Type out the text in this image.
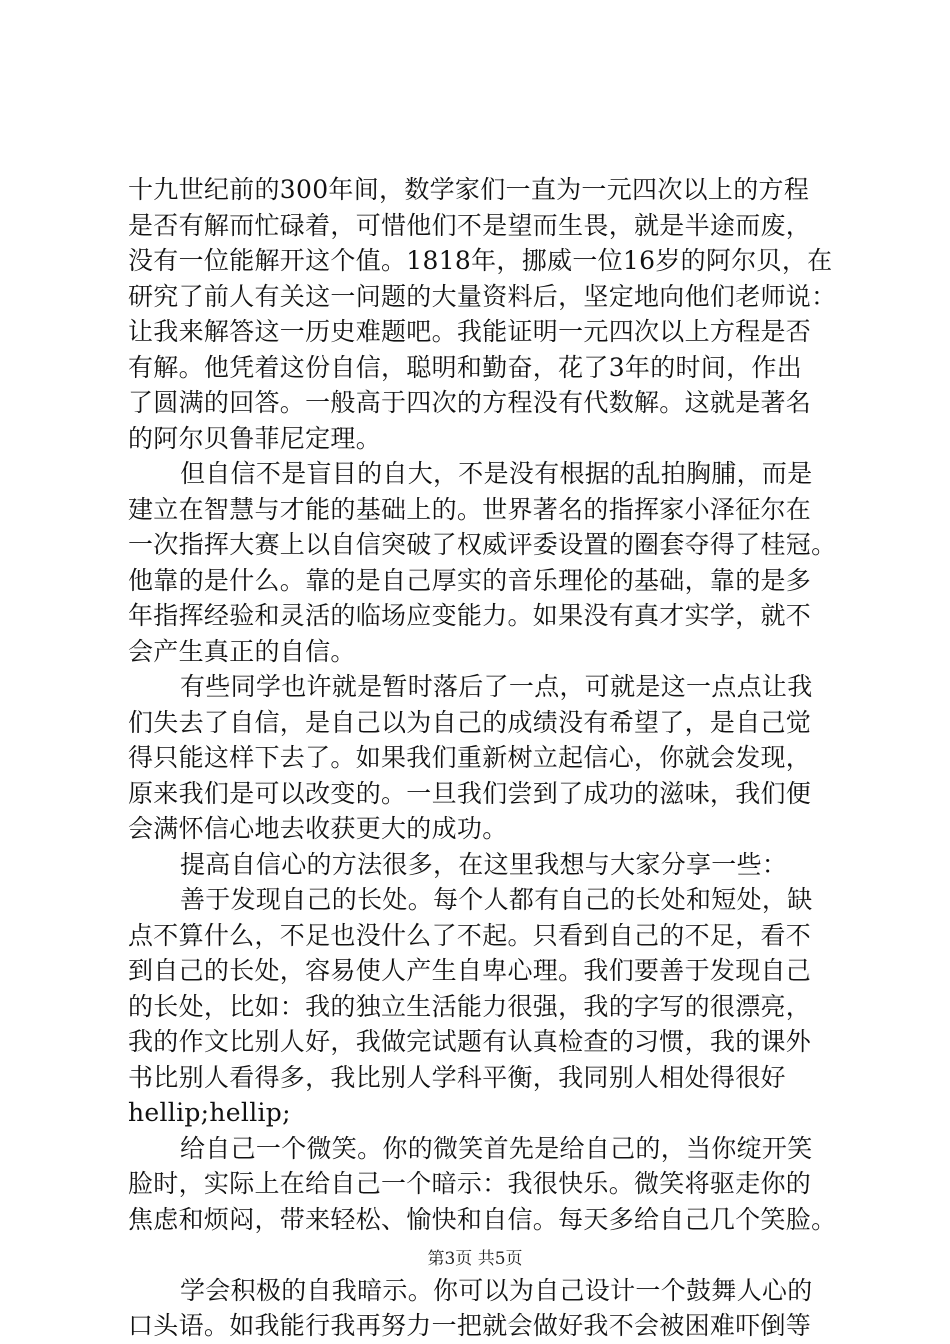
十九世纪前的300年间，数学家们一直为一元四次以上的方程
是否有解而忙碌着，可惜他们不是望而生畏，就是半途而废，
没有一位能解开这个值。1818年，挪威一位16岁的阿尔贝，在
研究了前人有关这一问题的大量资料后，坚定地向他们老师说：
让我来解答这一历史难题吧。我能证明一元四次以上方程是否
有解。他凭着这份自信，聪明和勤奋，花了3年的时间，作出
了圆满的回答。一般高于四次的方程没有代数解。这就是著名
的阿尔贝鲁菲尼定理。
但自信不是盲目的自大，不是没有根据的乱拍胸脯，而是
建立在智慧与才能的基础上的。世界著名的指挥家小泽征尔在
一次指挥大赛上以自信突破了权威评委设置的圈套夺得了桂冠。
他靠的是什么。靠的是自己厚实的音乐理伦的基础，靠的是多
年指挥经验和灵活的临场应变能力。如果没有真才实学，就不
会产生真正的自信。
有些同学也许就是暂时落后了一点，可就是这一点点让我
们失去了自信，是自己以为自己的成绩没有希望了，是自己觉
得只能这样下去了。如果我们重新树立起信心，你就会发现，
原来我们是可以改变的。一旦我们尝到了成功的滋味，我们便
会满怀信心地去收获更大的成功。
提高自信心的方法很多，在这里我想与大家分享一些：
善于发现自己的长处。每个人都有自己的长处和短处，缺
点不算什么，不足也没什么了不起。只看到自己的不足，看不
到自己的长处，容易使人产生自卑心理。我们要善于发现自己
的长处，比如：我的独立生活能力很强，我的字写的很漂亮，
我的作文比别人好，我做完试题有认真检查的习惯，我的课外
书比别人看得多，我比别人学科平衡，我同别人相处得很好
hellip;hellip;
给自己一个微笑。你的微笑首先是给自己的，当你绽开笑
脸时，实际上在给自己一个暗示：我很快乐。微笑将驱走你的
焦虑和烦闷，带来轻松、愉快和自信。每天多给自己几个笑脸。
学会积极的自我暗示。你可以为自己设计一个鼓舞人心的
口头语。如我能行我再努力一把就会做好我不会被困难吓倒等
第3页 共5页
